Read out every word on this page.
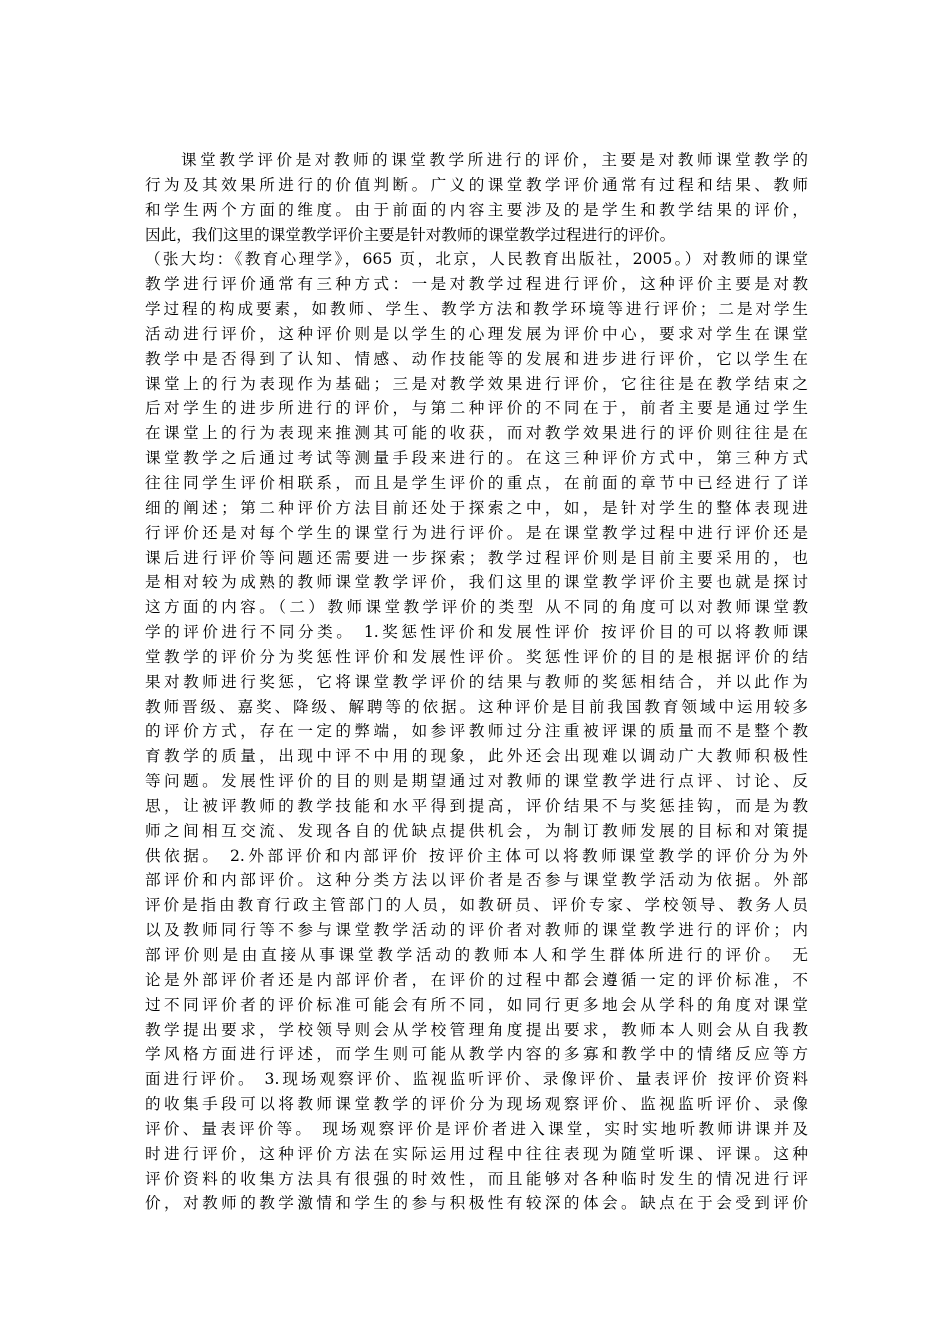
课堂教学评价是对教师的课堂教学所进行的评价，主要是对教师课堂教学的
行为及其效果所进行的价值判断。广义的课堂教学评价通常有过程和结果、教师
和学生两个方面的维度。由于前面的内容主要涉及的是学生和教学结果的评价，
因此，我们这里的课堂教学评价主要是针对教师的课堂教学过程进行的评价。
（张大均：《教育心理学》，665 页，北京，人民教育出版社，2005。）对教师的课堂
教学进行评价通常有三种方式：一是对教学过程进行评价，这种评价主要是对教
学过程的构成要素，如教师、学生、教学方法和教学环境等进行评价；二是对学生
活动进行评价，这种评价则是以学生的心理发展为评价中心，要求对学生在课堂
教学中是否得到了认知、情感、动作技能等的发展和进步进行评价，它以学生在
课堂上的行为表现作为基础；三是对教学效果进行评价，它往往是在教学结束之
后对学生的进步所进行的评价，与第二种评价的不同在于，前者主要是通过学生
在课堂上的行为表现来推测其可能的收获，而对教学效果进行的评价则往往是在
课堂教学之后通过考试等测量手段来进行的。在这三种评价方式中，第三种方式
往往同学生评价相联系，而且是学生评价的重点，在前面的章节中已经进行了详
细的阐述；第二种评价方法目前还处于探索之中，如，是针对学生的整体表现进
行评价还是对每个学生的课堂行为进行评价。是在课堂教学过程中进行评价还是
课后进行评价等问题还需要进一步探索；教学过程评价则是目前主要采用的，也
是相对较为成熟的教师课堂教学评价，我们这里的课堂教学评价主要也就是探讨
这方面的内容。（二）教师课堂教学评价的类型 从不同的角度可以对教师课堂教
学的评价进行不同分类。 1.奖惩性评价和发展性评价 按评价目的可以将教师课
堂教学的评价分为奖惩性评价和发展性评价。奖惩性评价的目的是根据评价的结
果对教师进行奖惩，它将课堂教学评价的结果与教师的奖惩相结合，并以此作为
教师晋级、嘉奖、降级、解聘等的依据。这种评价是目前我国教育领域中运用较多
的评价方式，存在一定的弊端，如参评教师过分注重被评课的质量而不是整个教
育教学的质量，出现中评不中用的现象，此外还会出现难以调动广大教师积极性
等问题。发展性评价的目的则是期望通过对教师的课堂教学进行点评、讨论、反
思，让被评教师的教学技能和水平得到提高，评价结果不与奖惩挂钩，而是为教
师之间相互交流、发现各自的优缺点提供机会，为制订教师发展的目标和对策提
供依据。 2.外部评价和内部评价 按评价主体可以将教师课堂教学的评价分为外
部评价和内部评价。这种分类方法以评价者是否参与课堂教学活动为依据。外部
评价是指由教育行政主管部门的人员，如教研员、评价专家、学校领导、教务人员
以及教师同行等不参与课堂教学活动的评价者对教师的课堂教学进行的评价；内
部评价则是由直接从事课堂教学活动的教师本人和学生群体所进行的评价。 无
论是外部评价者还是内部评价者，在评价的过程中都会遵循一定的评价标准，不
过不同评价者的评价标准可能会有所不同，如同行更多地会从学科的角度对课堂
教学提出要求，学校领导则会从学校管理角度提出要求，教师本人则会从自我教
学风格方面进行评述，而学生则可能从教学内容的多寡和教学中的情绪反应等方
面进行评价。 3.现场观察评价、监视监听评价、录像评价、量表评价 按评价资料
的收集手段可以将教师课堂教学的评价分为现场观察评价、监视监听评价、录像
评价、量表评价等。 现场观察评价是评价者进入课堂，实时实地听教师讲课并及
时进行评价，这种评价方法在实际运用过程中往往表现为随堂听课、评课。这种
评价资料的收集方法具有很强的时效性，而且能够对各种临时发生的情况进行评
价，对教师的教学激情和学生的参与积极性有较深的体会。缺点在于会受到评价
